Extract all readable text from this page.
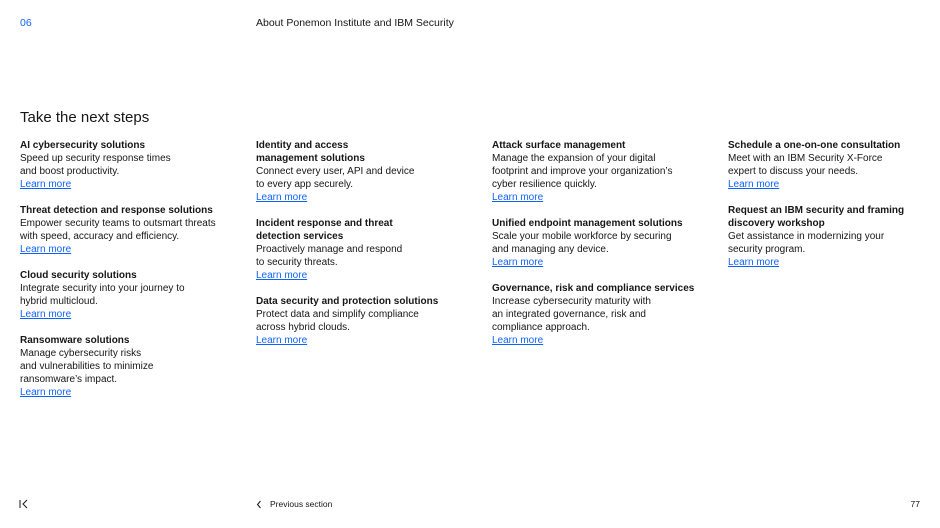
06	About Ponemon Institute and IBM Security
Take the next steps
AI cybersecurity solutions
Speed up security response times
and boost productivity.
Learn more
Threat detection and response solutions
Empower security teams to outsmart threats
with speed, accuracy and efficiency.
Learn more
Cloud security solutions
Integrate security into your journey to
hybrid multicloud.
Learn more
Ransomware solutions
Manage cybersecurity risks
and vulnerabilities to minimize
ransomware’s impact.
Learn more
Identity and access
management solutions
Connect every user, API and device
to every app securely.
Learn more
Incident response and threat
detection services
Proactively manage and respond
to security threats.
Learn more
Data security and protection solutions
Protect data and simplify compliance
across hybrid clouds.
Learn more
Attack surface management
Manage the expansion of your digital
footprint and improve your organization’s
cyber resilience quickly.
Learn more
Unified endpoint management solutions
Scale your mobile workforce by securing
and managing any device.
Learn more
Governance, risk and compliance services
Increase cybersecurity maturity with
an integrated governance, risk and
compliance approach.
Learn more
Schedule a one-on-one consultation
Meet with an IBM Security X-Force
expert to discuss your needs.
Learn more
Request an IBM security and framing
discovery workshop
Get assistance in modernizing your
security program.
Learn more
Previous section	77
